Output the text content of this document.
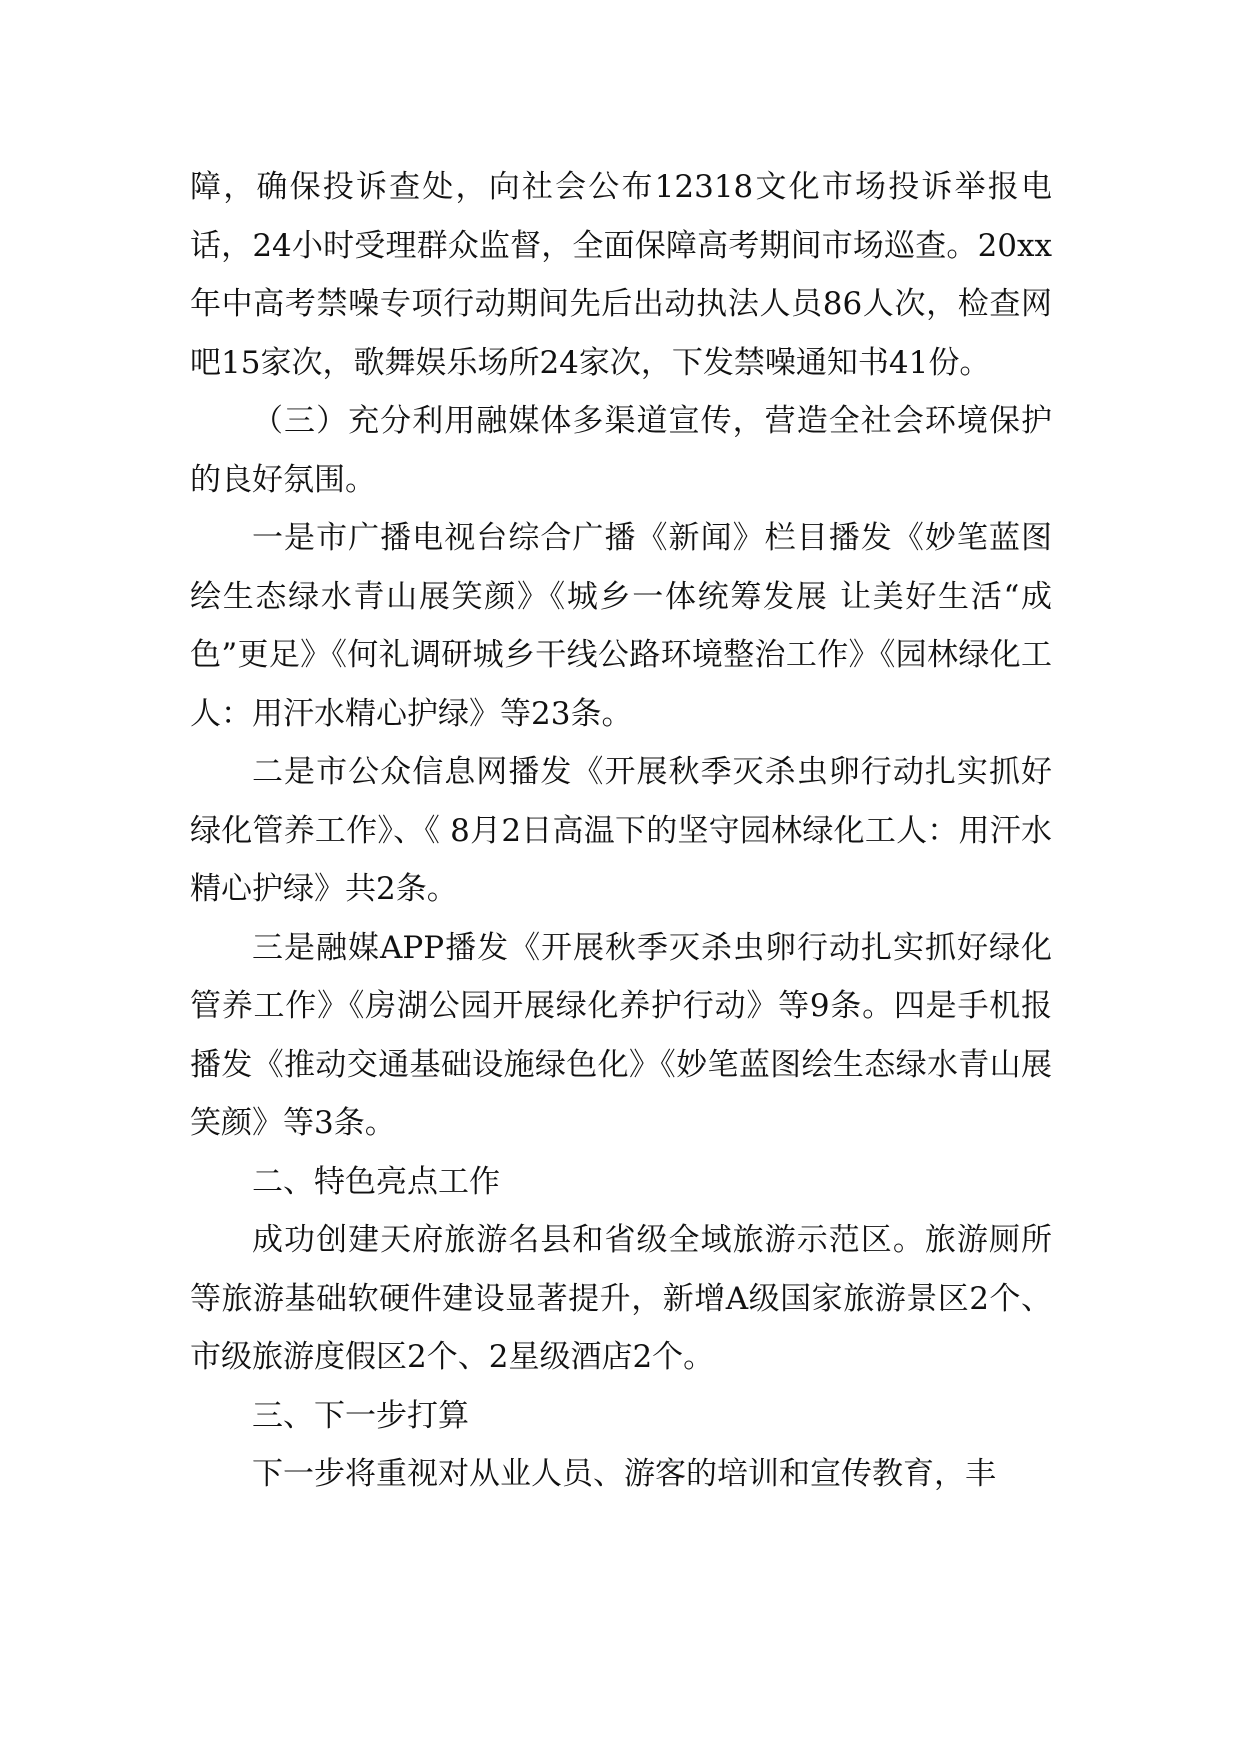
障，确保投诉查处，向社会公布12318文化市场投诉举报电话，24小时受理群众监督，全面保障高考期间市场巡查。20xx年中高考禁噪专项行动期间先后出动执法人员86人次，检查网吧15家次，歌舞娱乐场所24家次，下发禁噪通知书41份。

（三）充分利用融媒体多渠道宣传，营造全社会环境保护的良好氛围。

一是市广播电视台综合广播《新闻》栏目播发《妙笔蓝图绘生态绿水青山展笑颜》《城乡一体统筹发展 让美好生活“成色”更足》《何礼调研城乡干线公路环境整治工作》《园林绿化工人：用汗水精心护绿》等23条。

二是市公众信息网播发《开展秋季灭杀虫卵行动扎实抓好绿化管养工作》、《 8月2日高温下的坚守园林绿化工人：用汗水精心护绿》共2条。

三是融媒APP播发《开展秋季灭杀虫卵行动扎实抓好绿化管养工作》《房湖公园开展绿化养护行动》等9条。四是手机报播发《推动交通基础设施绿色化》《妙笔蓝图绘生态绿水青山展笑颜》等3条。

二、特色亮点工作

成功创建天府旅游名县和省级全域旅游示范区。旅游厕所等旅游基础软硬件建设显著提升，新增A级国家旅游景区2个、市级旅游度假区2个、2星级酒店2个。

三、下一步打算

下一步将重视对从业人员、游客的培训和宣传教育，丰
